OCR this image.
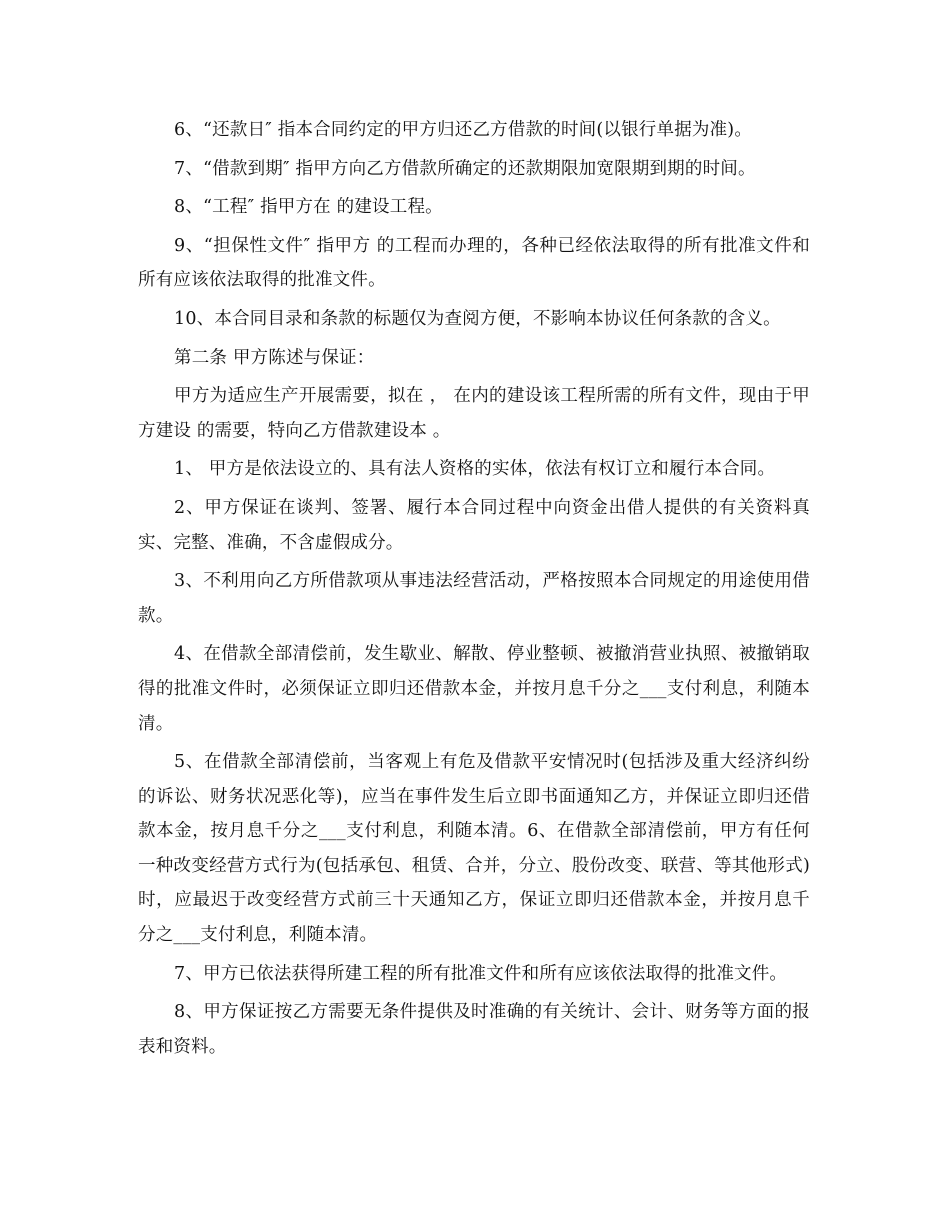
6、“还款日″ 指本合同约定的甲方归还乙方借款的时间(以银行单据为准)。

7、“借款到期″ 指甲方向乙方借款所确定的还款期限加宽限期到期的时间。

8、“工程″ 指甲方在 的建设工程。

9、“担保性文件″ 指甲方 的工程而办理的，各种已经依法取得的所有批准文件和所有应该依法取得的批准文件。

10、本合同目录和条款的标题仅为查阅方便，不影响本协议任何条款的含义。

第二条 甲方陈述与保证：

甲方为适应生产开展需要，拟在 ， 在内的建设该工程所需的所有文件，现由于甲方建设 的需要，特向乙方借款建设本 。

1、 甲方是依法设立的、具有法人资格的实体，依法有权订立和履行本合同。

2、甲方保证在谈判、签署、履行本合同过程中向资金出借人提供的有关资料真实、完整、准确，不含虚假成分。

3、不利用向乙方所借款项从事违法经营活动，严格按照本合同规定的用途使用借款。

4、在借款全部清偿前，发生歇业、解散、停业整顿、被撤消营业执照、被撤销取得的批准文件时，必须保证立即归还借款本金，并按月息千分之___支付利息，利随本清。

5、在借款全部清偿前，当客观上有危及借款平安情况时(包括涉及重大经济纠纷的诉讼、财务状况恶化等)，应当在事件发生后立即书面通知乙方，并保证立即归还借款本金，按月息千分之___支付利息，利随本清。6、在借款全部清偿前，甲方有任何一种改变经营方式行为(包括承包、租赁、合并，分立、股份改变、联营、等其他形式)时，应最迟于改变经营方式前三十天通知乙方，保证立即归还借款本金，并按月息千分之___支付利息，利随本清。

7、甲方已依法获得所建工程的所有批准文件和所有应该依法取得的批准文件。

8、甲方保证按乙方需要无条件提供及时准确的有关统计、会计、财务等方面的报表和资料。
